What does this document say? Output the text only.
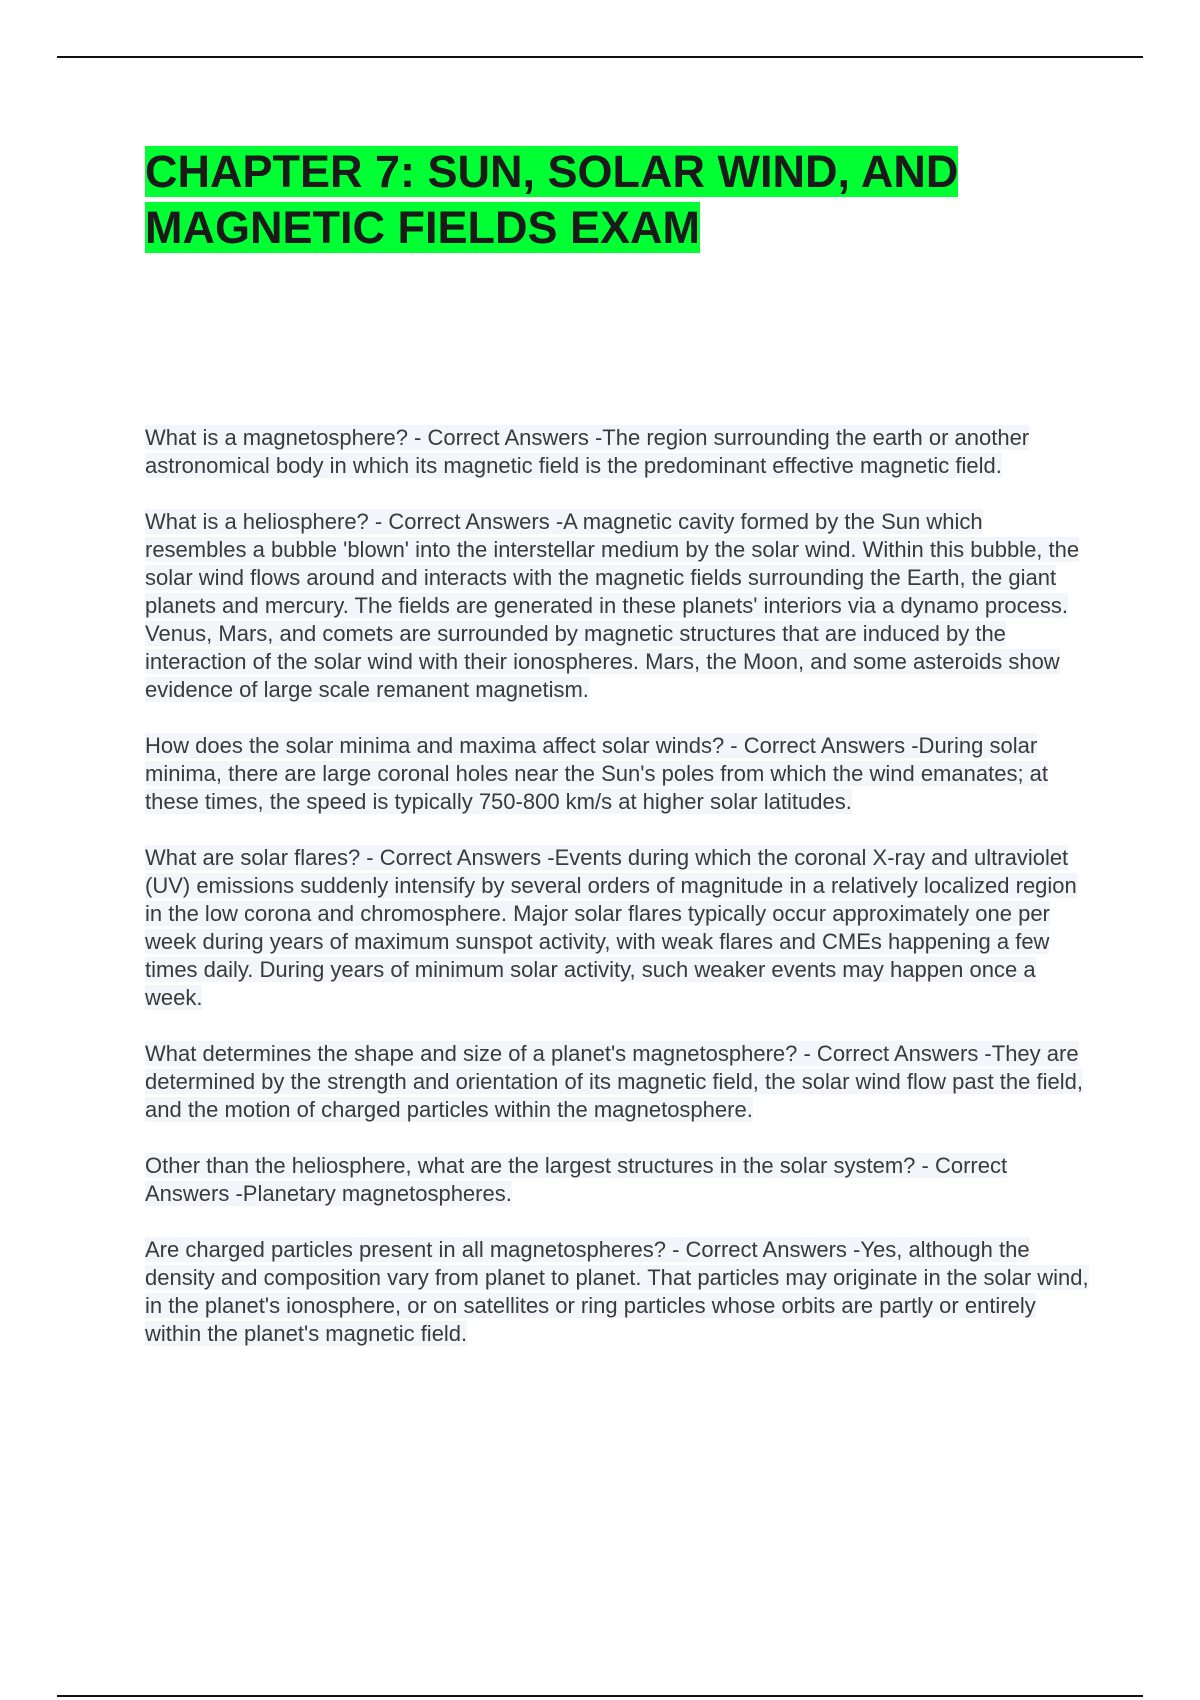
CHAPTER 7: SUN, SOLAR WIND, AND MAGNETIC FIELDS EXAM

What is a magnetosphere? - Correct Answers -The region surrounding the earth or another astronomical body in which its magnetic field is the predominant effective magnetic field.

What is a heliosphere? - Correct Answers -A magnetic cavity formed by the Sun which resembles a bubble 'blown' into the interstellar medium by the solar wind. Within this bubble, the solar wind flows around and interacts with the magnetic fields surrounding the Earth, the giant planets and mercury. The fields are generated in these planets' interiors via a dynamo process. Venus, Mars, and comets are surrounded by magnetic structures that are induced by the interaction of the solar wind with their ionospheres. Mars, the Moon, and some asteroids show evidence of large scale remanent magnetism.

How does the solar minima and maxima affect solar winds? - Correct Answers -During solar minima, there are large coronal holes near the Sun's poles from which the wind emanates; at these times, the speed is typically 750-800 km/s at higher solar latitudes.

What are solar flares? - Correct Answers -Events during which the coronal X-ray and ultraviolet (UV) emissions suddenly intensify by several orders of magnitude in a relatively localized region in the low corona and chromosphere. Major solar flares typically occur approximately one per week during years of maximum sunspot activity, with weak flares and CMEs happening a few times daily. During years of minimum solar activity, such weaker events may happen once a week.

What determines the shape and size of a planet's magnetosphere? - Correct Answers -They are determined by the strength and orientation of its magnetic field, the solar wind flow past the field, and the motion of charged particles within the magnetosphere.

Other than the heliosphere, what are the largest structures in the solar system? - Correct Answers -Planetary magnetospheres.

Are charged particles present in all magnetospheres? - Correct Answers -Yes, although the density and composition vary from planet to planet. That particles may originate in the solar wind, in the planet's ionosphere, or on satellites or ring particles whose orbits are partly or entirely within the planet's magnetic field.
